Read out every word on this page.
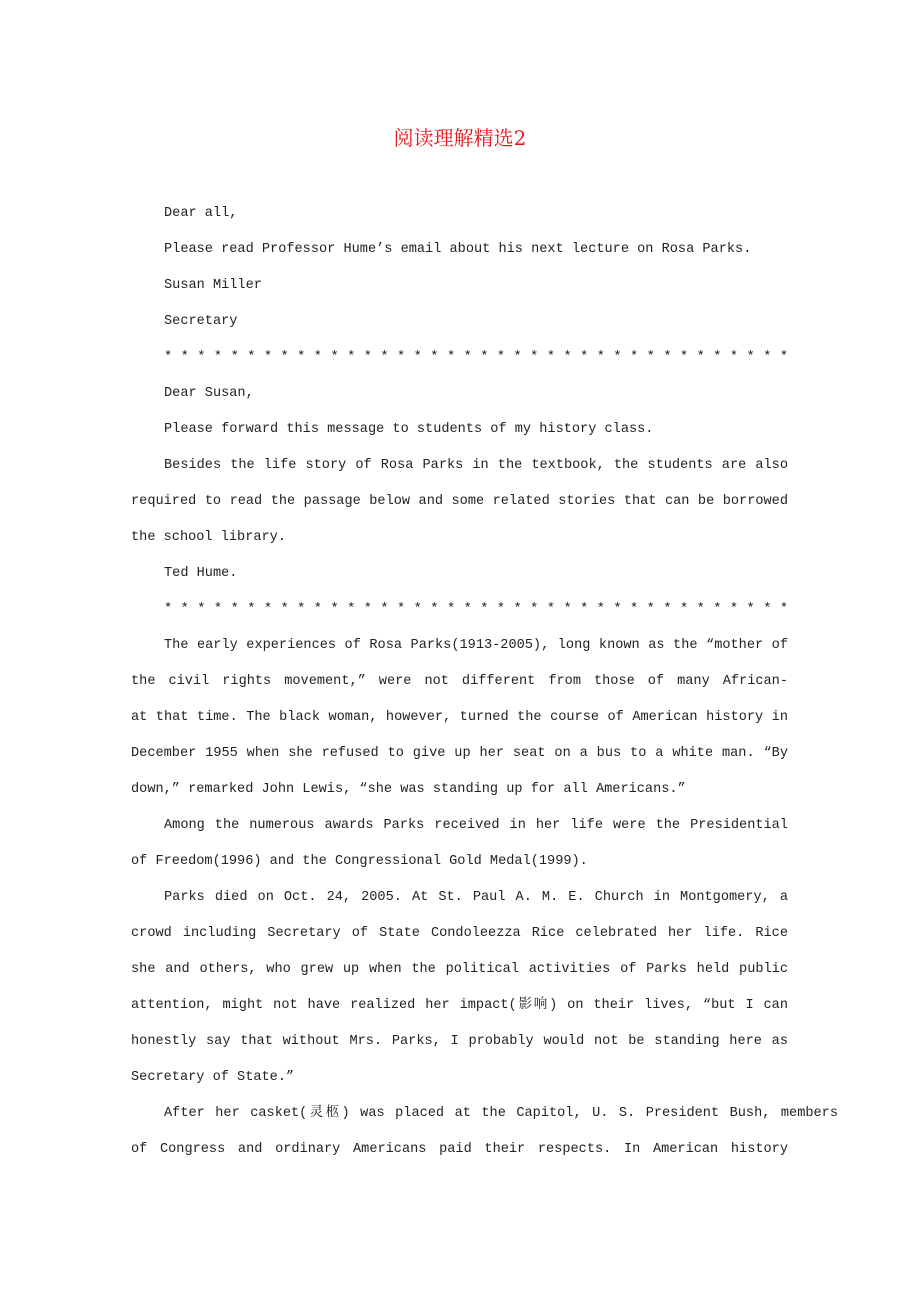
阅读理解精选2
Dear all,
Please read Professor Hume’s email about his next lecture on Rosa Parks.
Susan Miller
Secretary
* * * * * * * * * * * * * * * * * * * * * * * * * * * * * * * * * * * * * *
Dear Susan,
Please forward this message to students of my history class.
Besides the life story of Rosa Parks in the textbook, the students are also
required to read the passage below and some related stories that can be borrowed
the school library.
Ted Hume.
* * * * * * * * * * * * * * * * * * * * * * * * * * * * * * * * * * * * * *
The early experiences of Rosa Parks(1913-2005), long known as the “mother of
the civil rights movement,” were not different from those of many African-
at that time. The black woman, however, turned the course of American history in
December 1955 when she refused to give up her seat on a bus to a white man. “By
down,” remarked John Lewis, “she was standing up for all Americans.”
Among the numerous awards Parks received in her life were the Presidential
of Freedom(1996) and the Congressional Gold Medal(1999).
Parks died on Oct. 24, 2005. At St. Paul A. M. E. Church in Montgomery, a
crowd including Secretary of State Condoleezza Rice celebrated her life. Rice
she and others, who grew up when the political activities of Parks held public
attention, might not have realized her impact(影响) on their lives, “but I can
honestly say that without Mrs. Parks, I probably would not be standing here as
Secretary of State.”
After her casket(灵柩) was placed at the Capitol, U. S. President Bush, members
of Congress and ordinary Americans paid their respects. In American history
